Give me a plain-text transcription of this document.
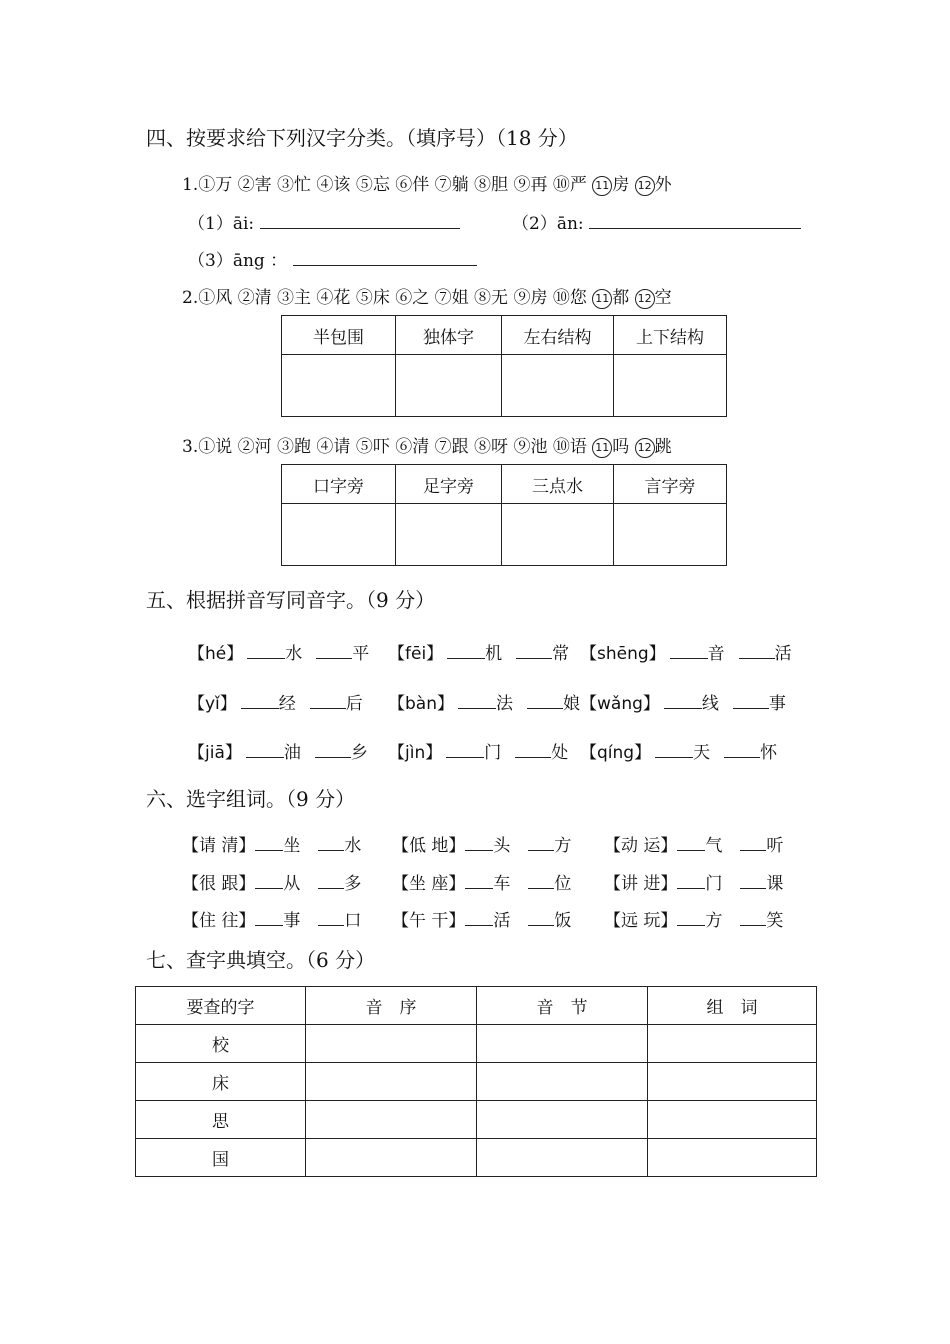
四、按要求给下列汉字分类。（填序号）（18 分）
1.①万 ②害 ③忙 ④该 ⑤忘 ⑥伴 ⑦躺 ⑧胆 ⑨再 ⑩严 11 房 12 外
（1）āi:	（2）ān:
（3）āng ：
2.①风 ②清 ③主 ④花 ⑤床 ⑥之 ⑦姐 ⑧无 ⑨房 ⑩您 11 都 12 空
半包围	独体字	左右结构	上下结构

3.①说 ②河 ③跑 ④请 ⑤吓 ⑥清 ⑦跟 ⑧呀 ⑨池 ⑩语 11 吗 12 跳
口字旁	足字旁	三点水	言字旁

五、根据拼音写同音字。（9 分）
【hé】 水	平 【fēi】 机	常 【shēng】 音	活
【yǐ】 经	后 【bàn】 法	娘 【wǎng】 线	事
【jiā】 油	乡 【jìn】 门	处 【qíng】 天	怀
六、选字组词。（9 分）
【请 清】 坐	水 【低 地】 头	方 【动 运】 气	听
【很 跟】 从	多 【坐 座】 车	位 【讲 进】 门	课
【住 往】 事	口 【午 干】 活	饭 【远 玩】 方	笑
七、查字典填空。（6 分）
要查的字	音　序	音　节	组　词
校			
床			
思			
国			
